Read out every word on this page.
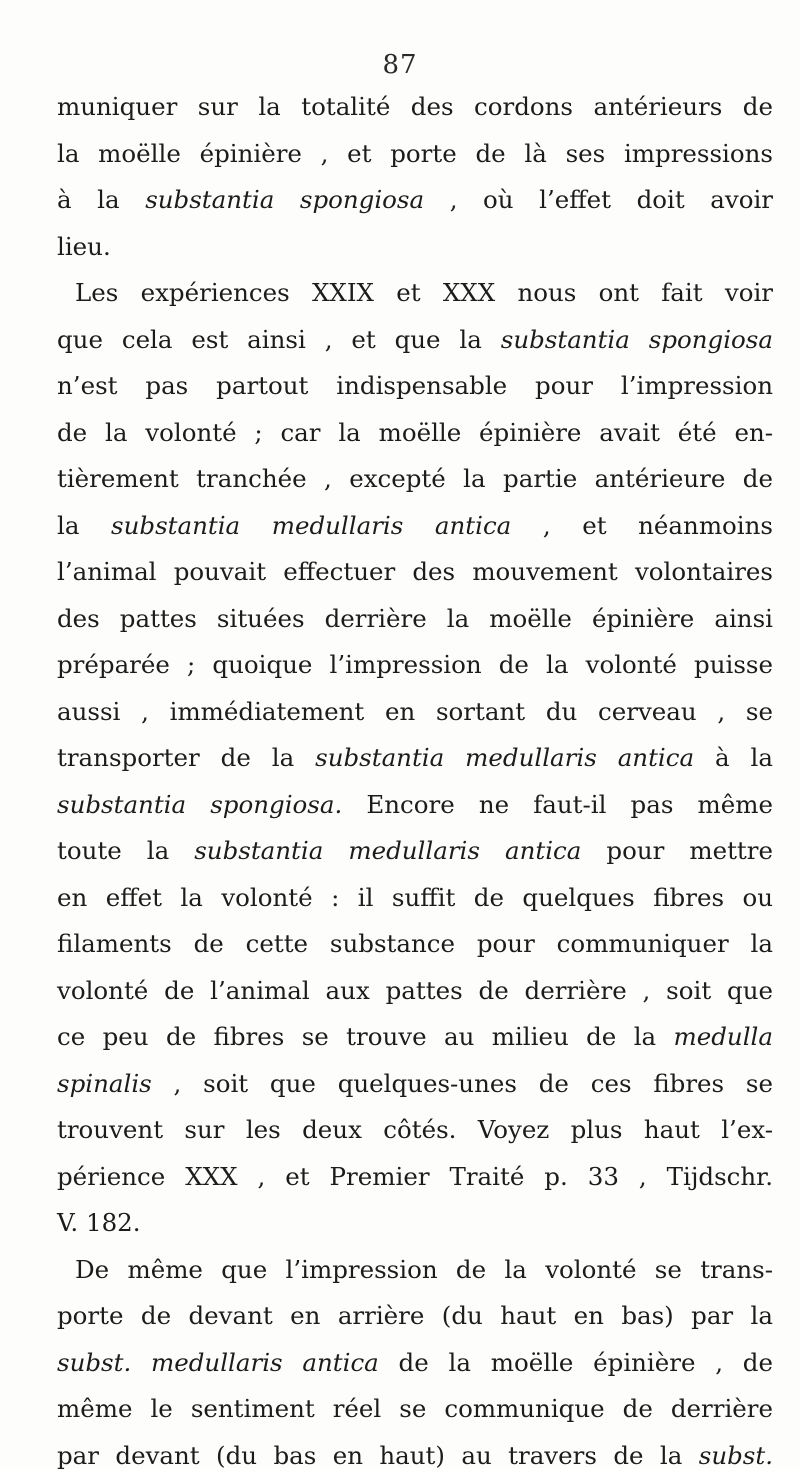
87
muniquer sur la totalité des cordons antérieurs de
la moëlle épinière , et porte de là ses impressions
à la substantia spongiosa , où l’effet doit avoir
lieu.
Les expériences XXIX et XXX nous ont fait voir
que cela est ainsi , et que la substantia spongiosa
n’est pas partout indispensable pour l’impression
de la volonté ; car la moëlle épinière avait été en-
tièrement tranchée , excepté la partie antérieure de
la substantia medullaris antica , et néanmoins
l’animal pouvait effectuer des mouvement volontaires
des pattes situées derrière la moëlle épinière ainsi
préparée ; quoique l’impression de la volonté puisse
aussi , immédiatement en sortant du cerveau , se
transporter de la substantia medullaris antica à la
substantia spongiosa. Encore ne faut-il pas même
toute la substantia medullaris antica pour mettre
en effet la volonté : il suffit de quelques fibres ou
filaments de cette substance pour communiquer la
volonté de l’animal aux pattes de derrière , soit que
ce peu de fibres se trouve au milieu de la medulla
spinalis , soit que quelques-unes de ces fibres se
trouvent sur les deux côtés. Voyez plus haut l’ex-
périence XXX , et Premier Traité p. 33 , Tijdschr.
V. 182.
De même que l’impression de la volonté se trans-
porte de devant en arrière (du haut en bas) par la
subst. medullaris antica de la moëlle épinière , de
même le sentiment réel se communique de derrière
par devant (du bas en haut) au travers de la subst.
